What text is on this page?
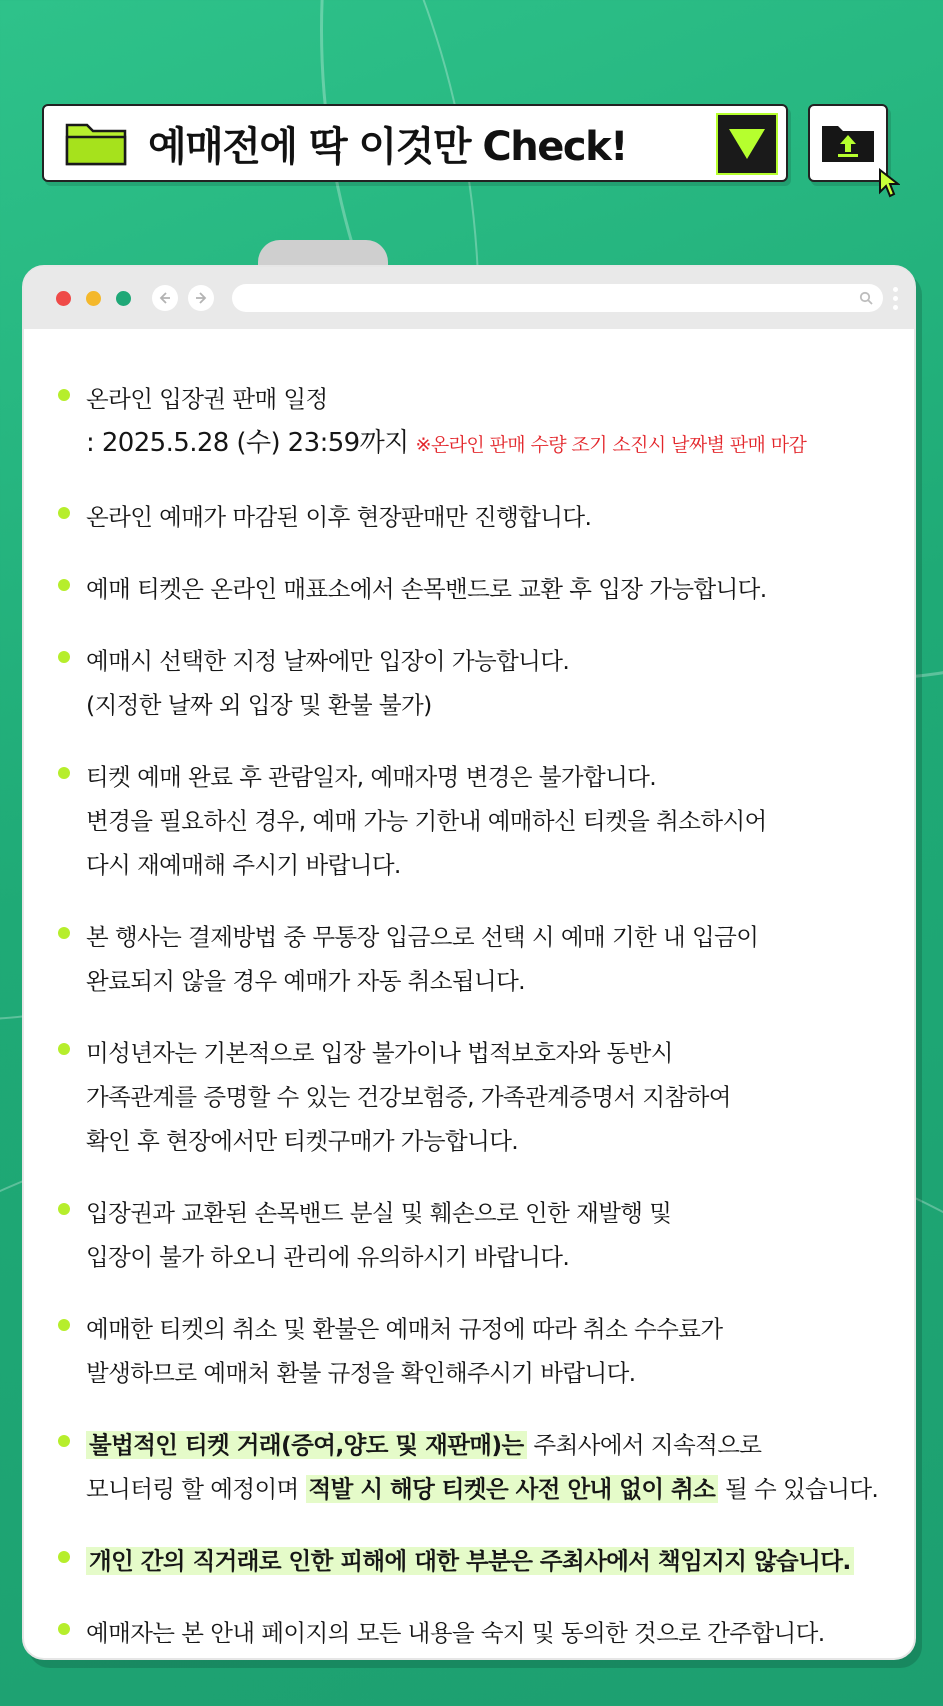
예매전에 딱 이것만 Check!
온라인 입장권 판매 일정
: 2025.5.28 (수) 23:59까지 ※온라인 판매 수량 조기 소진시 날짜별 판매 마감
온라인 예매가 마감된 이후 현장판매만 진행합니다.
예매 티켓은 온라인 매표소에서 손목밴드로 교환 후 입장 가능합니다.
예매시 선택한 지정 날짜에만 입장이 가능합니다.
(지정한 날짜 외 입장 및 환불 불가)
티켓 예매 완료 후 관람일자, 예매자명 변경은 불가합니다.
변경을 필요하신 경우, 예매 가능 기한내 예매하신 티켓을 취소하시어
다시 재예매해 주시기 바랍니다.
본 행사는 결제방법 중 무통장 입금으로 선택 시 예매 기한 내 입금이
완료되지 않을 경우 예매가 자동 취소됩니다.
미성년자는 기본적으로 입장 불가이나 법적보호자와 동반시
가족관계를 증명할 수 있는 건강보험증, 가족관계증명서 지참하여
확인 후 현장에서만 티켓구매가 가능합니다.
입장권과 교환된 손목밴드 분실 및 훼손으로 인한 재발행 및
입장이 불가 하오니 관리에 유의하시기 바랍니다.
예매한 티켓의 취소 및 환불은 예매처 규정에 따라 취소 수수료가
발생하므로 예매처 환불 규정을 확인해주시기 바랍니다.
불법적인 티켓 거래(증여,양도 및 재판매)는 주최사에서 지속적으로
모니터링 할 예정이며 적발 시 해당 티켓은 사전 안내 없이 취소 될 수 있습니다.
개인 간의 직거래로 인한 피해에 대한 부분은 주최사에서 책임지지 않습니다.
예매자는 본 안내 페이지의 모든 내용을 숙지 및 동의한 것으로 간주합니다.
